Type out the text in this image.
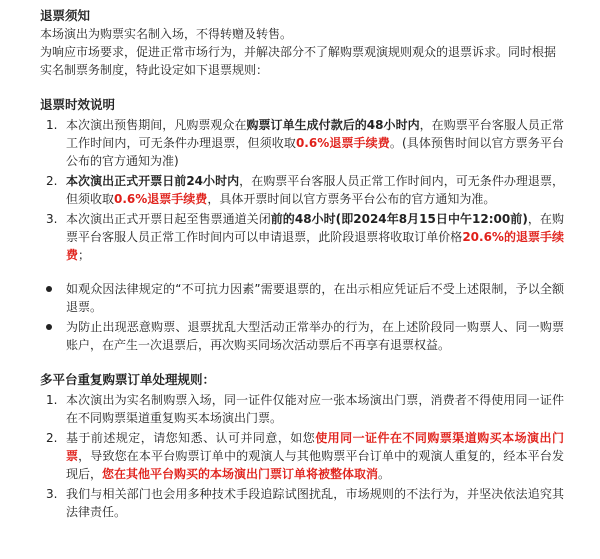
退票须知

本场演出为购票实名制入场，不得转赠及转售。

为响应市场要求，促进正常市场行为，并解决部分不了解购票观演规则观众的退票诉求。同时根据实名制票务制度，特此设定如下退票规则：

退票时效说明
1. 本次演出预售期间，凡购票观众在购票订单生成付款后的48小时内，在购票平台客服人员正常工作时间内，可无条件办理退票，但须收取0.6%退票手续费。(具体预售时间以官方票务平台公布的官方通知为准)
2. 本次演出正式开票日前24小时内，在购票平台客服人员正常工作时间内，可无条件办理退票，但须收取0.6%退票手续费，具体开票时间以官方票务平台公布的官方通知为准。
3. 本次演出正式开票日起至售票通道关闭前的48小时(即2024年8月15日中午12:00前)，在购票平台客服人员正常工作时间内可以申请退票，此阶段退票将收取订单价格20.6%的退票手续费；
如观众因法律规定的“不可抗力因素”需要退票的，在出示相应凭证后不受上述限制，予以全额退票。
为防止出现恶意购票、退票扰乱大型活动正常举办的行为，在上述阶段同一购票人、同一购票账户，在产生一次退票后，再次购买同场次活动票后不再享有退票权益。
多平台重复购票订单处理规则：
1. 本次演出为实名制购票入场，同一证件仅能对应一张本场演出门票，消费者不得使用同一证件在不同购票渠道重复购买本场演出门票。
2. 基于前述规定，请您知悉、认可并同意，如您使用同一证件在不同购票渠道购买本场演出门票，导致您在本平台购票订单中的观演人与其他购票平台订单中的观演人重复的，经本平台发现后，您在其他平台购买的本场演出门票订单将被整体取消。
3. 我们与相关部门也会用多种技术手段追踪试图扰乱，市场规则的不法行为，并坚决依法追究其法律责任。
